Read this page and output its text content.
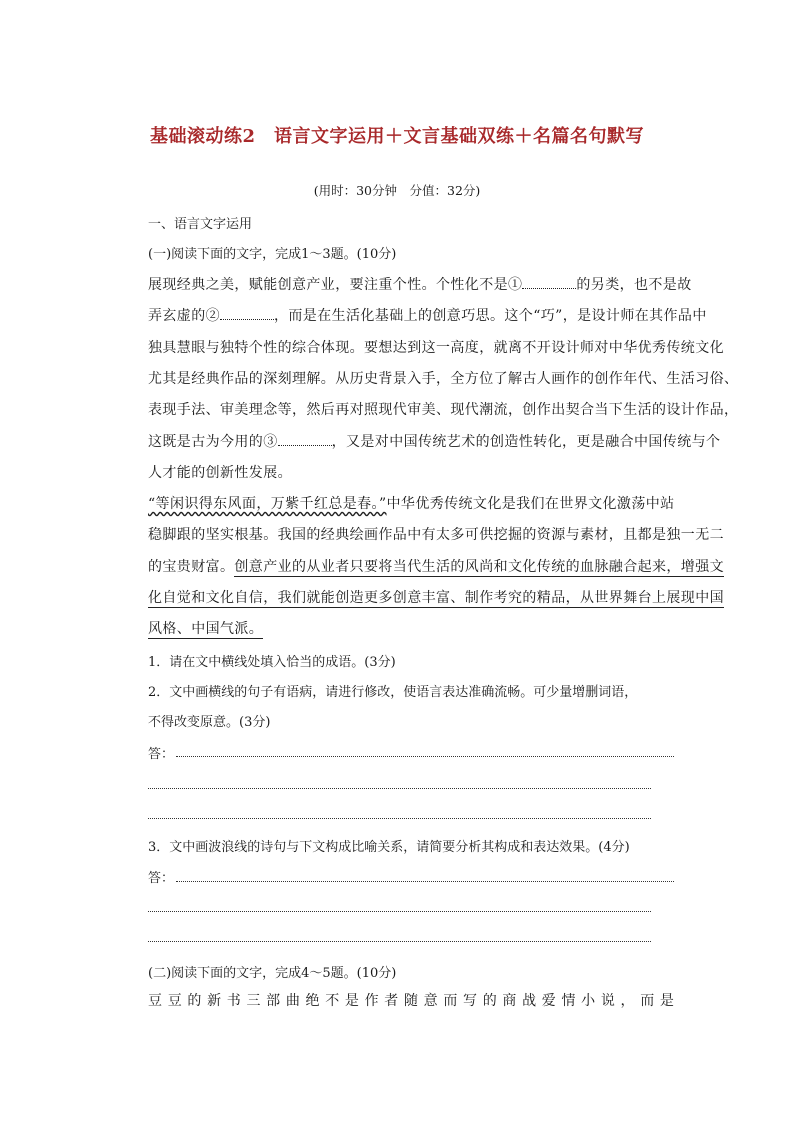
基础滚动练2　语言文字运用＋文言基础双练＋名篇名句默写
(用时：30分钟　分值：32分)
一、语言文字运用
(一)阅读下面的文字，完成1～3题。(10分)
展现经典之美，赋能创意产业，要注重个性。个性化不是①	的另类，也不是故
弄玄虚的②	，而是在生活化基础上的创意巧思。这个“巧”，是设计师在其作品中
独具慧眼与独特个性的综合体现。要想达到这一高度，就离不开设计师对中华优秀传统文化
尤其是经典作品的深刻理解。从历史背景入手，全方位了解古人画作的创作年代、生活习俗、
表现手法、审美理念等，然后再对照现代审美、现代潮流，创作出契合当下生活的设计作品，
这既是古为今用的③	，又是对中国传统艺术的创造性转化，更是融合中国传统与个
人才能的创新性发展。
“等闲识得东风面，万紫千红总是春。”中华优秀传统文化是我们在世界文化激荡中站
稳脚跟的坚实根基。我国的经典绘画作品中有太多可供挖掘的资源与素材，且都是独一无二
的宝贵财富。创意产业的从业者只要将当代生活的风尚和文化传统的血脉融合起来，增强文
化自觉和文化自信，我们就能创造更多创意丰富、制作考究的精品，从世界舞台上展现中国
风格、中国气派。
1．请在文中横线处填入恰当的成语。(3分)
2．文中画横线的句子有语病，请进行修改，使语言表达准确流畅。可少量增删词语，
不得改变原意。(3分)
答：
3．文中画波浪线的诗句与下文构成比喻关系，请简要分析其构成和表达效果。(4分)
答：
(二)阅读下面的文字，完成4～5题。(10分)
豆 豆 的 新 书 三 部 曲 绝 不 是 作 者 随 意 而 写 的 商 战 爱 情 小 说 ， 而 是
